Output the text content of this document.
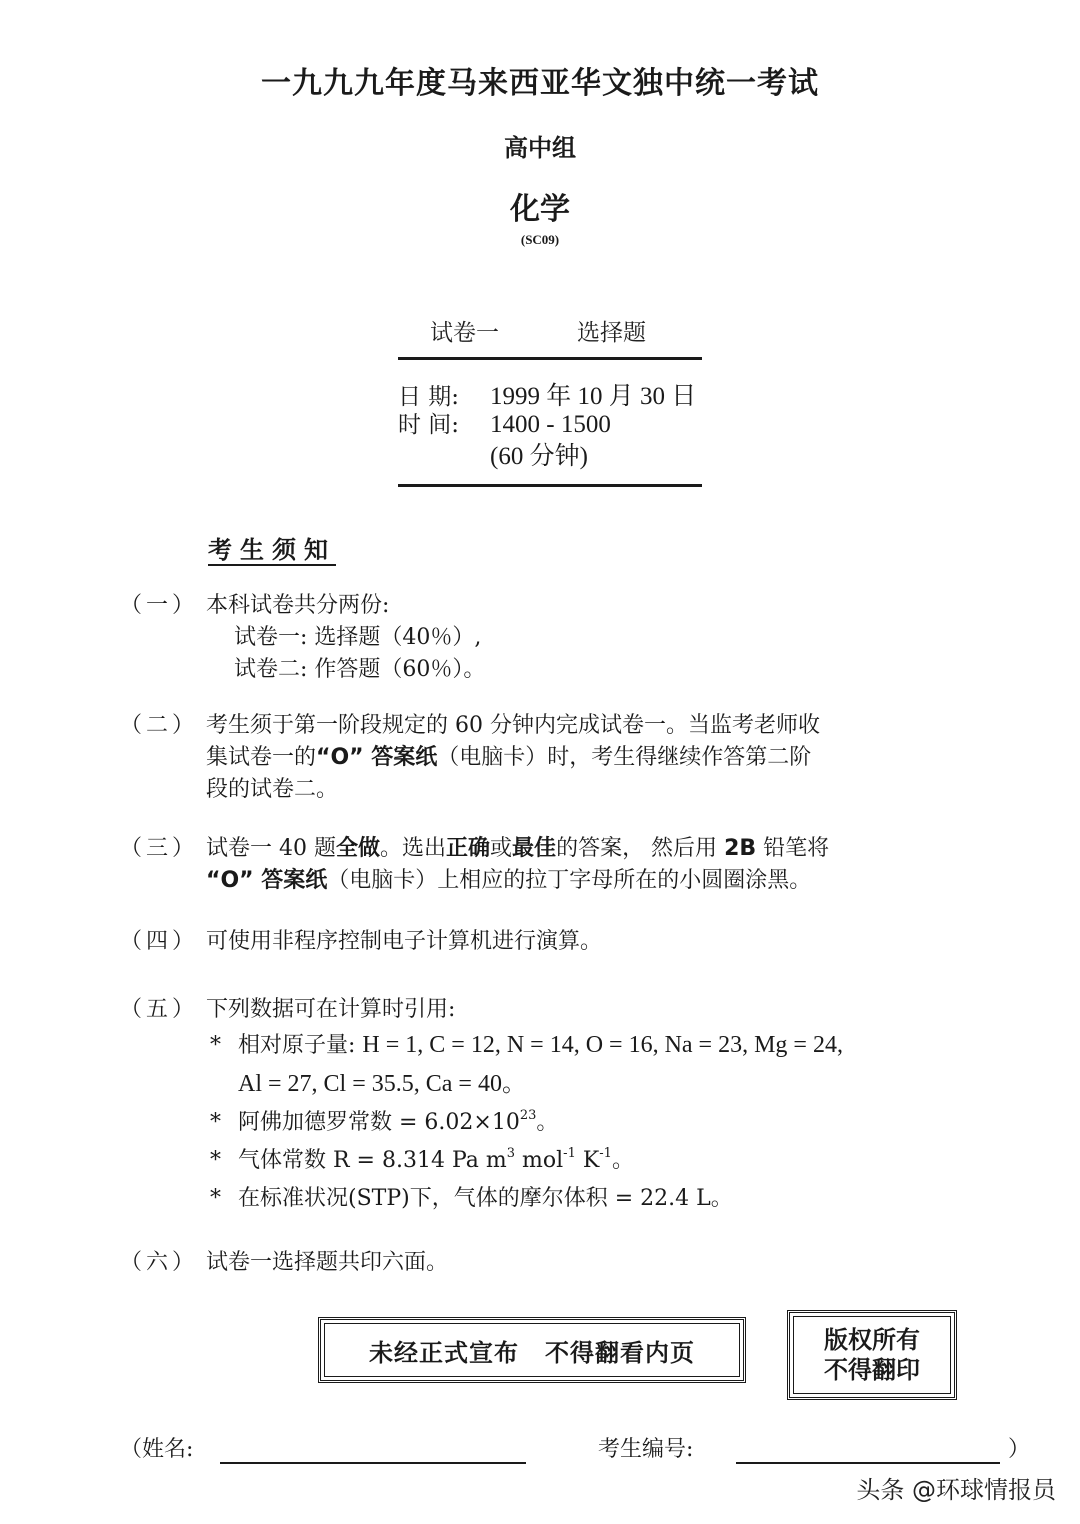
一九九九年度马来西亚华文独中统一考试
高中组
化学
(SC09)
试卷一	选择题
日 期: 1999 年 10 月 30 日
时 间: 1400 - 1500
(60 分钟)
考生须知
（一） 本科试卷共分两份:
试卷一: 选择题（40％）,
试卷二: 作答题（60％）。
（二） 考生须于第一阶段规定的 60 分钟内完成试卷一。当监考老师收
集试卷一的“O” 答案纸（电脑卡）时，考生得继续作答第二阶
段的试卷二。
（三） 试卷一 40 题全做。选出正确或最佳的答案， 然后用 2B 铅笔将
“O” 答案纸（电脑卡）上相应的拉丁字母所在的小圆圈涂黑。
（四） 可使用非程序控制电子计算机进行演算。
（五） 下列数据可在计算时引用:
* 相对原子量: H = 1, C = 12, N = 14, O = 16, Na = 23, Mg = 24,
Al = 27, Cl = 35.5, Ca = 40。
* 阿佛加德罗常数 = $6.02\times 10^{23}$。
* 气体常数 R = 8.314 Pa $m^3$ mol$^{-1}$ $K^{-1}$。
* 在标准状况(STP)下，气体的摩尔体积 = 22.4 L。
（六） 试卷一选择题共印六面。
未经正式宣布 不得翻看内页	版权所有
不得翻印
（姓名:	考生编号:	）
头条 @环球情报员
